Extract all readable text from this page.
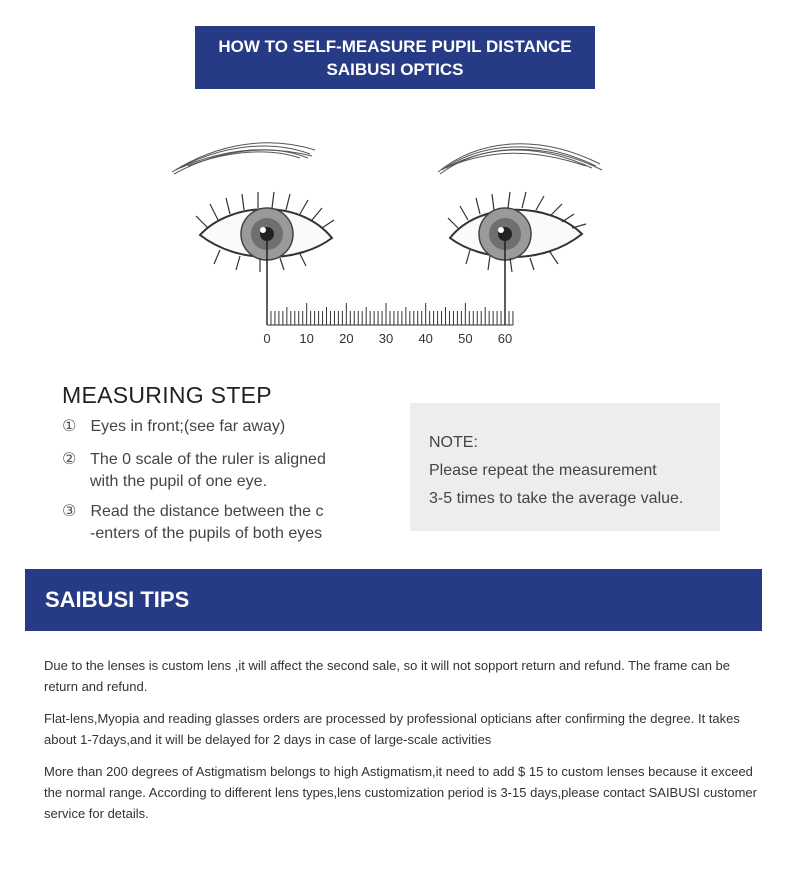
HOW TO SELF-MEASURE PUPIL DISTANCE
SAIBUSI OPTICS
0 10 20 30 40 50 60
MEASURING STEP
① Eyes in front;(see far away)
② The 0 scale of the ruler is aligned
with the pupil of one eye.
③ Read the distance between the c
-enters of the pupils of both eyes
NOTE:
Please repeat the measurement
3-5 times to take the average value.
SAIBUSI TIPS
Due to the lenses is custom lens ,it will affect the second sale, so it will not sopport return and refund. The frame can be return and refund.
Flat-lens,Myopia and reading glasses orders are processed by professional opticians after confirming the degree. It takes about 1-7days,and it will be delayed for 2 days in case of large-scale activities
More than 200 degrees of Astigmatism belongs to high Astigmatism,it need to add $ 15 to custom lenses because it exceed the normal range. According to different lens types,lens customization period is 3-15 days,please contact SAIBUSI customer service for details.
